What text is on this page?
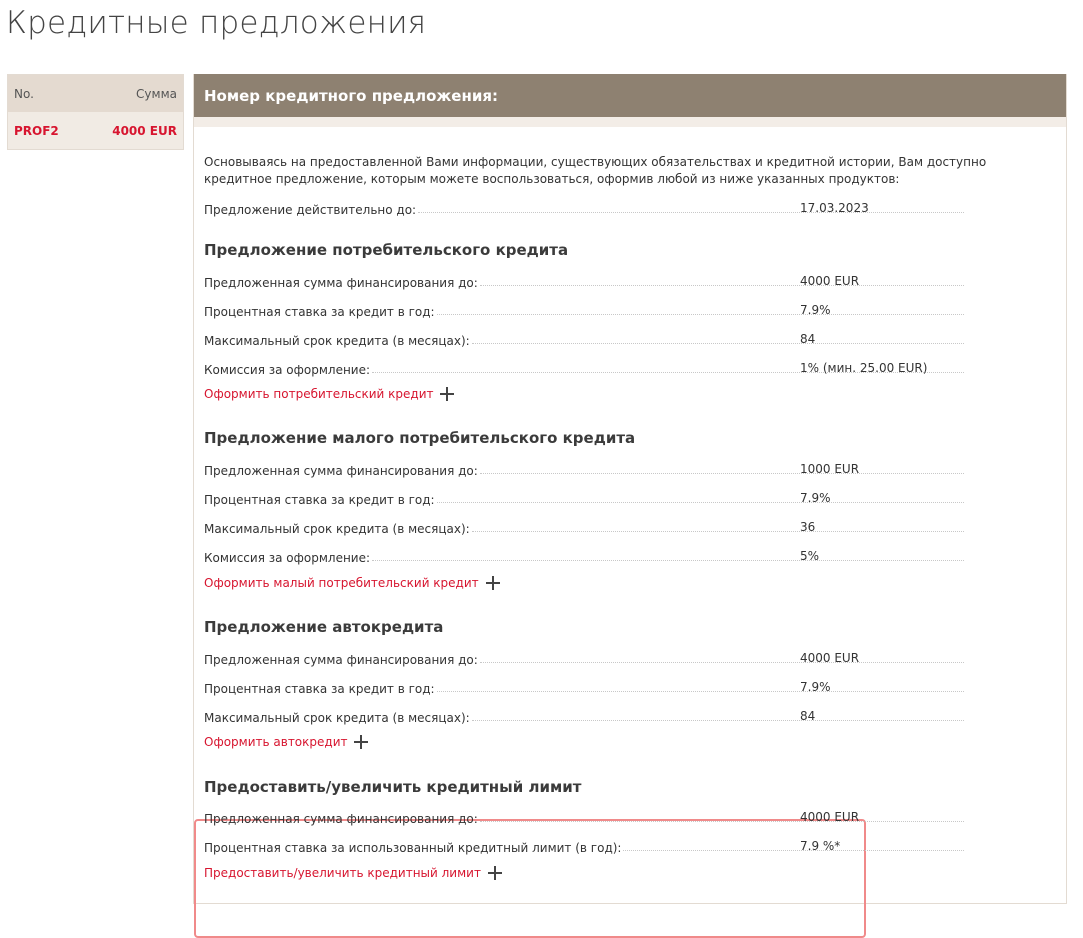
Кредитные предложения
No.	Сумма
PROF2	4000 EUR
Номер кредитного предложения:
Основываясь на предоставленной Вами информации, существующих обязательствах и кредитной истории, Вам доступно кредитное предложение, которым можете воспользоваться, оформив любой из ниже указанных продуктов:
Предложение действительно до:	17.03.2023
Предложение потребительского кредита
Предложенная сумма финансирования до:	4000 EUR
Процентная ставка за кредит в год:	7.9%
Максимальный срок кредита (в месяцах):	84
Комиссия за оформление:	1% (мин. 25.00 EUR)
Оформить потребительский кредит
Предложение малого потребительского кредита
Предложенная сумма финансирования до:	1000 EUR
Процентная ставка за кредит в год:	7.9%
Максимальный срок кредита (в месяцах):	36
Комиссия за оформление:	5%
Оформить малый потребительский кредит
Предложение автокредита
Предложенная сумма финансирования до:	4000 EUR
Процентная ставка за кредит в год:	7.9%
Максимальный срок кредита (в месяцах):	84
Оформить автокредит
Предоставить/увеличить кредитный лимит
Предложенная сумма финансирования до:	4000 EUR
Процентная ставка за использованный кредитный лимит (в год):	7.9 %*
Предоставить/увеличить кредитный лимит
